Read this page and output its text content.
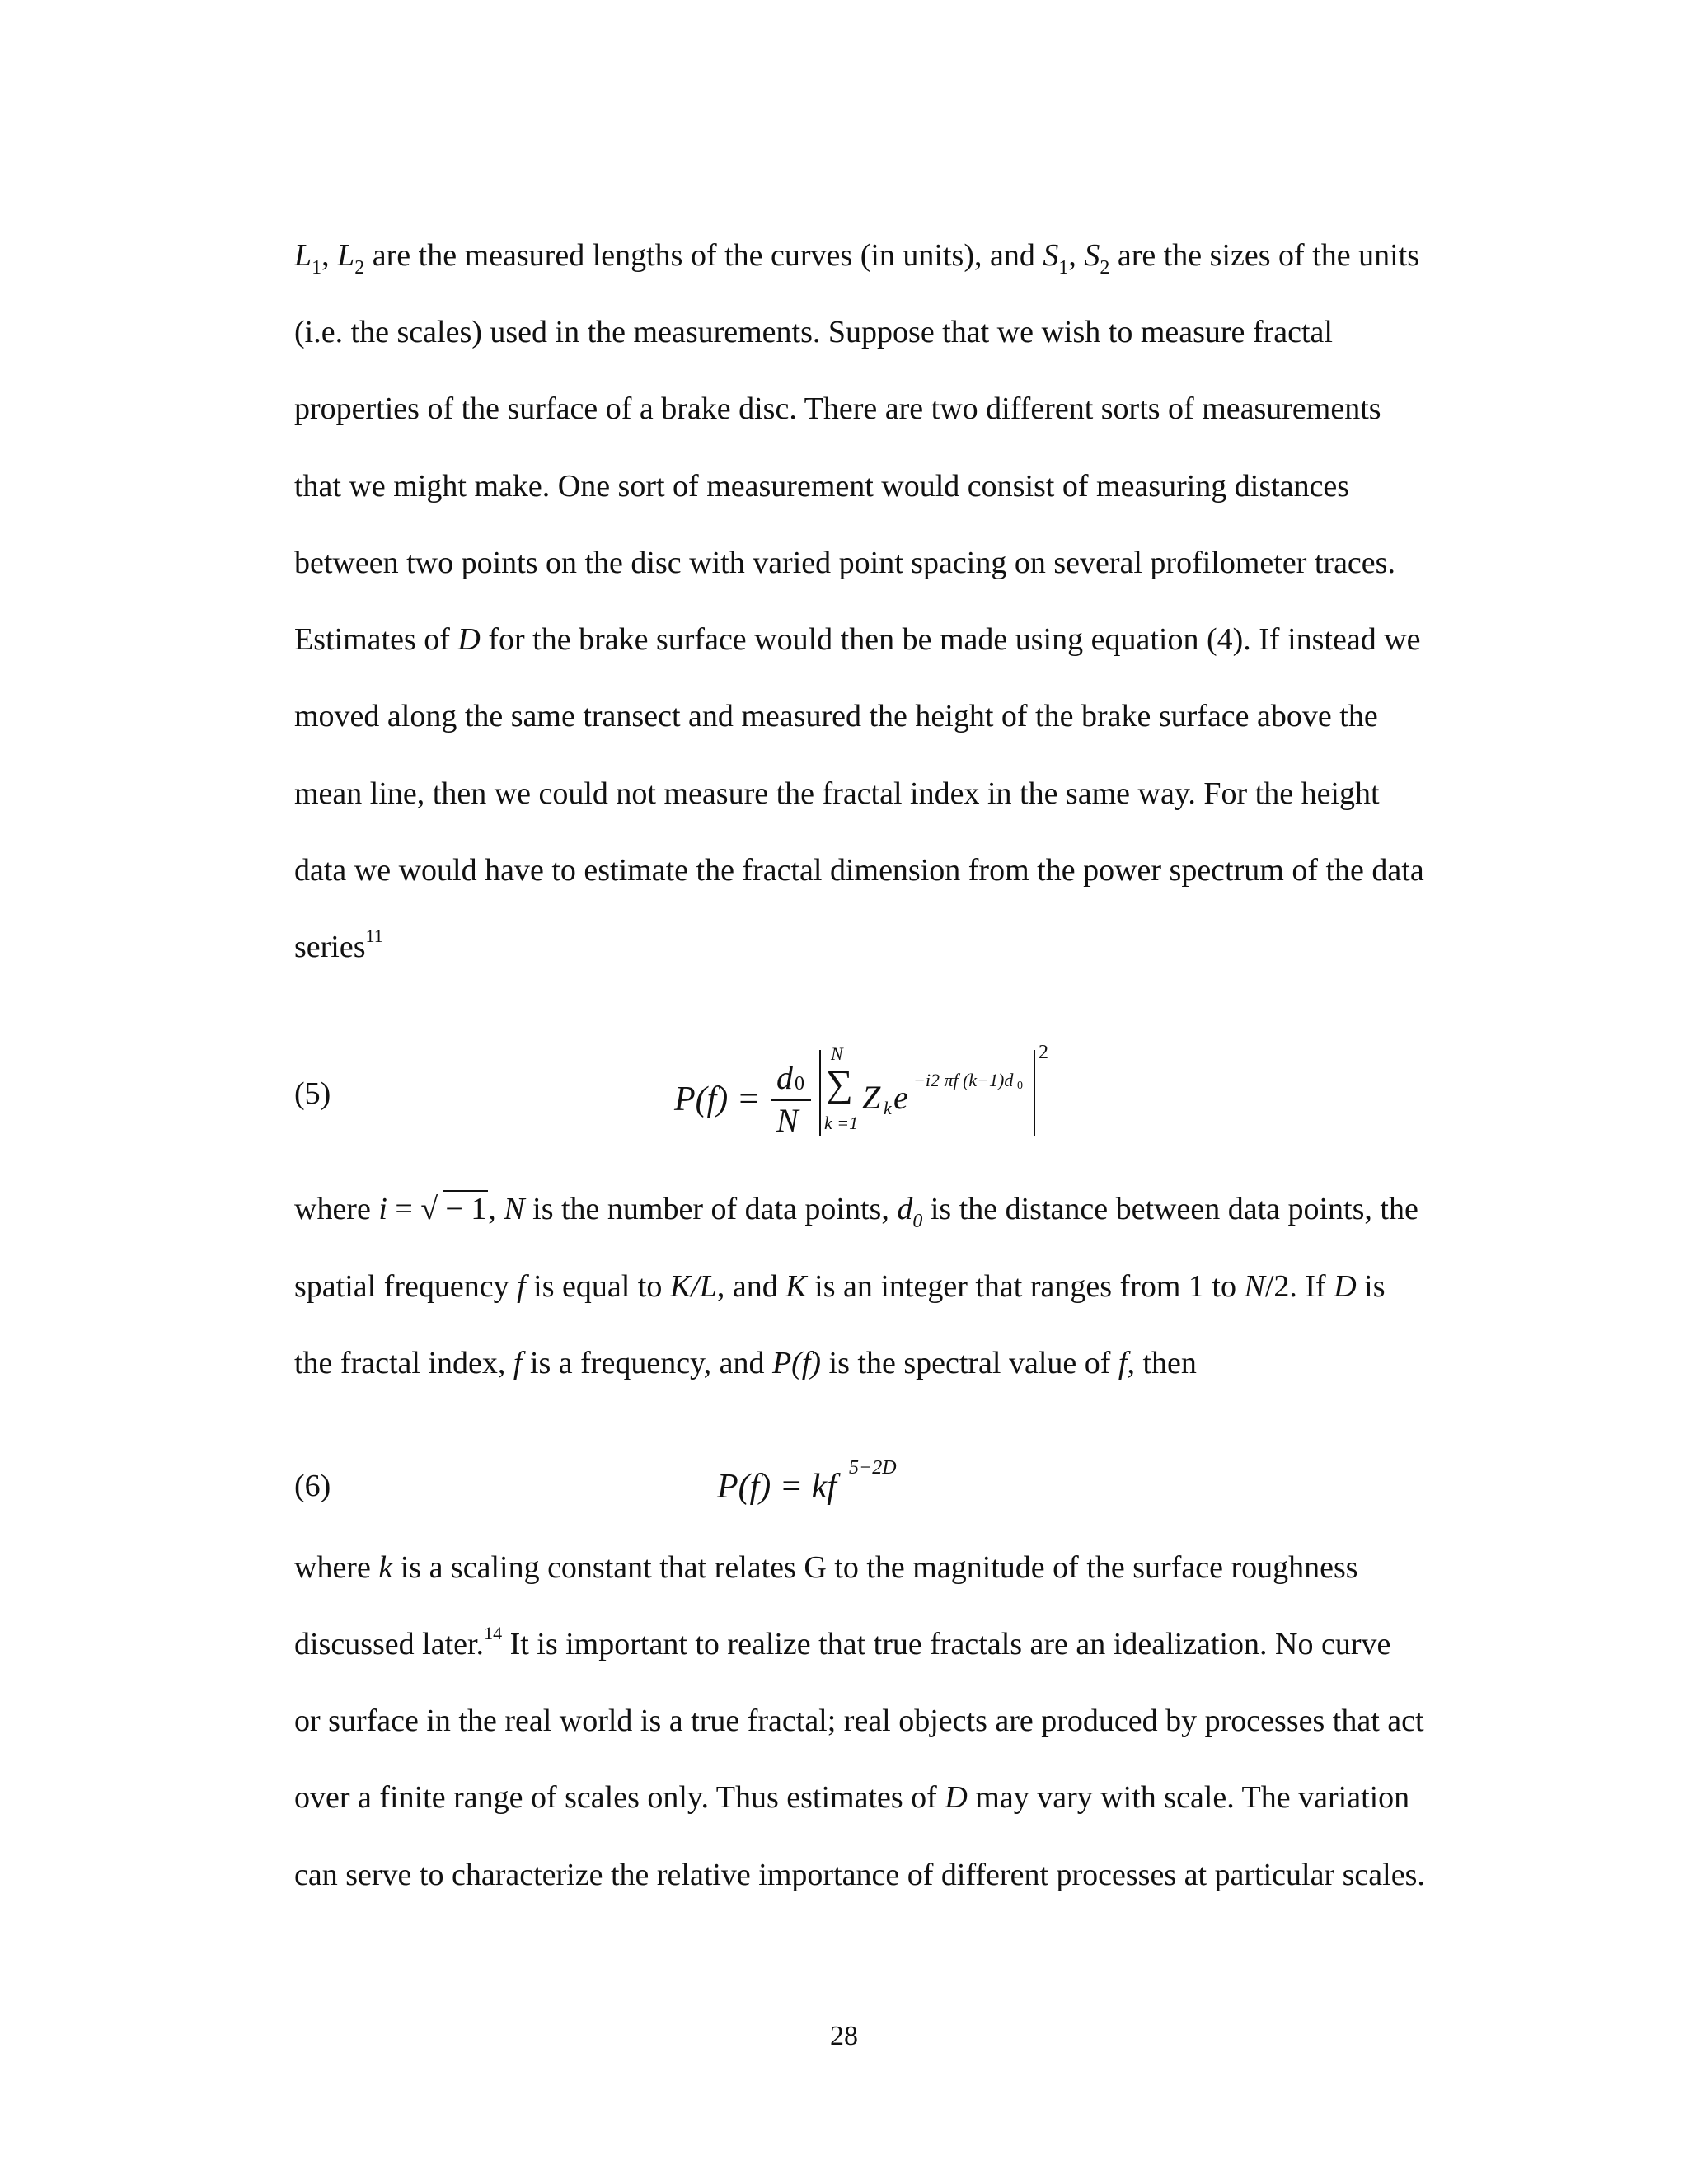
$L_1$, $L_2$ are the measured lengths of the curves (in units), and $S_1$, $S_2$ are the sizes of the units
(i.e. the scales) used in the measurements. Suppose that we wish to measure fractal
properties of the surface of a brake disc. There are two different sorts of measurements
that we might make. One sort of measurement would consist of measuring distances
between two points on the disc with varied point spacing on several profilometer traces.
Estimates of D for the brake surface would then be made using equation (4). If instead we
moved along the same transect and measured the height of the brake surface above the
mean line, then we could not measure the fractal index in the same way. For the height
data we would have to estimate the fractal dimension from the power spectrum of the data
series$^{11}$
(5)	P(f) =
d 0
N
N
∑
k =1
Z k e −i2 πf (k−1)d 0
2
where i = √ − 1, N is the number of data points, $d_0$ is the distance between data points, the
spatial frequency f is equal to K/L, and K is an integer that ranges from 1 to N/2. If D is
the fractal index, f is a frequency, and P(f) is the spectral value of f, then
(6)	P(f) = kf 5−2D
where k is a scaling constant that relates G to the magnitude of the surface roughness
discussed later.$^{14}$ It is important to realize that true fractals are an idealization. No curve
or surface in the real world is a true fractal; real objects are produced by processes that act
over a finite range of scales only. Thus estimates of D may vary with scale. The variation
can serve to characterize the relative importance of different processes at particular scales.
28
